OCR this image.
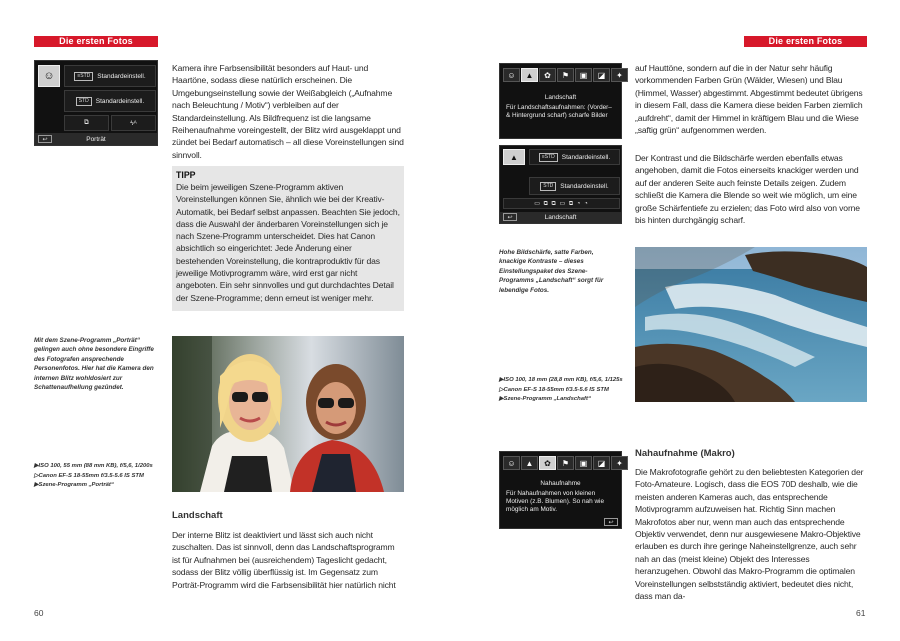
Die ersten Fotos
☺	≡STD	Standardeinstell.
STD	Standardeinstell.
⧉	ϟᴬ
Porträt
↩
Kamera ihre Farbsensibilität besonders auf Haut- und Haartöne, sodass diese natürlich erscheinen. Die Umgebungseinstellung sowie der Weißabgleich („Aufnahme nach Beleuchtung / Motiv“) verbleiben auf der Standardeinstellung. Als Bildfrequenz ist die langsame Reihenaufnahme voreingestellt, der Blitz wird ausgeklappt und zündet bei Bedarf automatisch – all diese Voreinstellungen sind sinnvoll.
TIPP
Die beim jeweiligen Szene-Programm aktiven Voreinstellungen können Sie, ähnlich wie bei der Kreativ-Automatik, bei Bedarf selbst anpassen. Beachten Sie jedoch, dass die Auswahl der änderbaren Voreinstellungen sich je nach Szene-Programm unterscheidet. Dies hat Canon absichtlich so eingerichtet: Jede Änderung einer bestehenden Voreinstellung, die kontraproduktiv für das jeweilige Motivprogramm wäre, wird erst gar nicht angeboten. Ein sehr sinnvolles und gut durchdachtes Detail der Szene-Programme; denn erneut ist weniger mehr.
Mit dem Szene-Programm „Porträt“ gelingen auch ohne besondere Eingriffe des Fotografen ansprechende Personenfotos. Hier hat die Kamera den internen Blitz wohldosiert zur Schattenaufhellung gezündet.
▶ISO 100, 55 mm (88 mm KB), f/5,6, 1/200s
▷Canon EF-S 18-55mm f/3.5-5.6 IS STM
▶Szene-Programm „Porträt“
Landschaft
Der interne Blitz ist deaktiviert und lässt sich auch nicht zuschalten. Das ist sinnvoll, denn das Landschaftsprogramm ist für Aufnahmen bei (ausreichendem) Tageslicht gedacht, sodass der Blitz völlig überflüssig ist. Im Gegensatz zum Porträt-Programm wird die Farbsensibilität hier natürlich nicht
60
Die ersten Fotos
☺	▲	✿	⚑	▣	◪	✦
Landschaft
Für Landschaftsaufnahmen: (Vorder– & Hintergrund scharf) scharfe Bilder
▲	≡STD	Standardeinstell.
STD	Standardeinstell.
▭ ⧉ ⧉ ▭ ⧉ ◔ ◔
Landschaft
↩
Hohe Bildschärfe, satte Farben, knackige Kontraste – dieses Einstellungspaket des Szene-Programms „Landschaft“ sorgt für lebendige Fotos.
auf Hauttöne, sondern auf die in der Natur sehr häufig vorkommenden Farben Grün (Wälder, Wiesen) und Blau (Himmel, Wasser) abgestimmt. Abgestimmt bedeutet übrigens in diesem Fall, dass die Kamera diese beiden Farben ziemlich „aufdreht“, damit der Himmel in kräftigem Blau und die Wiese „saftig grün“ aufgenommen werden.
Der Kontrast und die Bildschärfe werden ebenfalls etwas angehoben, damit die Fotos einerseits knackiger werden und auf der anderen Seite auch feinste Details zeigen. Zudem schließt die Kamera die Blende so weit wie möglich, um eine große Schärfentiefe zu erzielen; das Foto wird also von vorne bis hinten durchgängig scharf.
▶ISO 100, 18 mm (28,8 mm KB), f/5,6, 1/125s
▷Canon EF-S 18-55mm f/3.5-5.6 IS STM
▶Szene-Programm „Landschaft“
☺	▲	✿	⚑	▣	◪	✦
Nahaufnahme
Für Nahaufnahmen von kleinen Motiven (z.B. Blumen). So nah wie möglich am Motiv.
↩
Nahaufnahme (Makro)
Die Makrofotografie gehört zu den beliebtesten Kategorien der Foto-Amateure. Logisch, dass die EOS 70D deshalb, wie die meisten anderen Kameras auch, das entsprechende Motivprogramm aufzuweisen hat. Richtig Sinn machen Makrofotos aber nur, wenn man auch das entsprechende Objektiv verwendet, denn nur ausgewiesene Makro-Objektive erlauben es durch ihre geringe Naheinstellgrenze, auch sehr nah an das (meist kleine) Objekt des Interesses heranzugehen. Obwohl das Makro-Programm die optimalen Voreinstellungen selbstständig aktiviert, bedeutet dies nicht, dass man da-
61
